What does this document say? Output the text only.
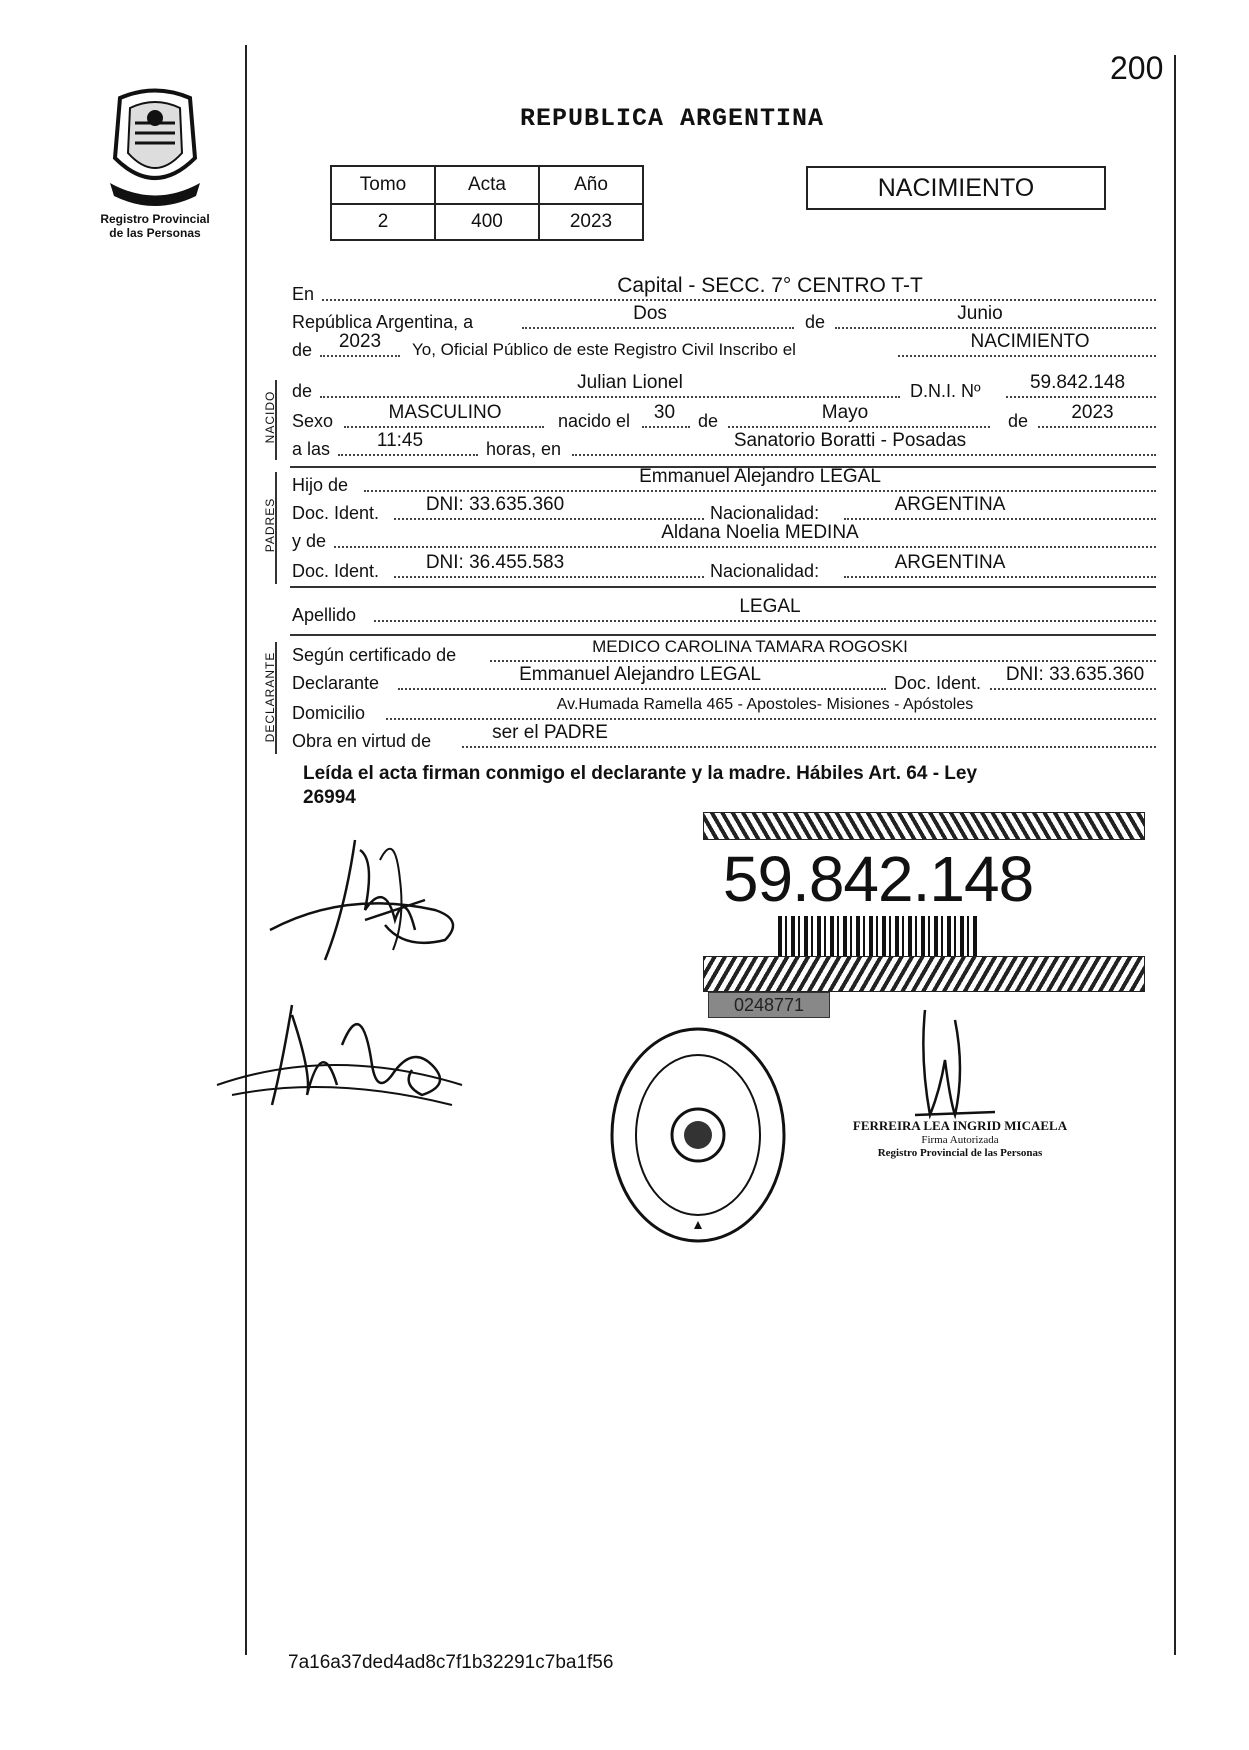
Registro Provincial
de las Personas
200
REPUBLICA ARGENTINA
Tomo	Acta	Año
2	400	2023
NACIMIENTO
En	Capital - SECC. 7° CENTRO T-T
República Argentina, a	Dos	de	Junio
de	2023	Yo, Oficial Público de este Registro Civil Inscribo el	NACIMIENTO
NACIDO de	Julian Lionel	D.N.I. Nº	59.842.148
Sexo	MASCULINO	nacido el	30	de	Mayo	de	2023
a las	11:45	horas, en	Sanatorio Boratti - Posadas
PADRES
Hijo de	Emmanuel Alejandro LEGAL
Doc. Ident.	DNI: 33.635.360	Nacionalidad:	ARGENTINA
y de	Aldana Noelia MEDINA
Doc. Ident.	DNI: 36.455.583	Nacionalidad:	ARGENTINA
Apellido	LEGAL
DECLARANTE Según certificado de	MEDICO CAROLINA TAMARA ROGOSKI
Declarante	Emmanuel Alejandro LEGAL	Doc. Ident.	DNI: 33.635.360
Domicilio	Av.Humada Ramella 465 - Apostoles- Misiones - Apóstoles
Obra en virtud de	ser el PADRE
Leída el acta firman conmigo el declarante y la madre. Hábiles Art. 64 - Ley
26994
59.842.148
0248771
FERREIRA LEA INGRID MICAELA
Firma Autorizada
Registro Provincial de las Personas
7a16a37ded4ad8c7f1b32291c7ba1f56
